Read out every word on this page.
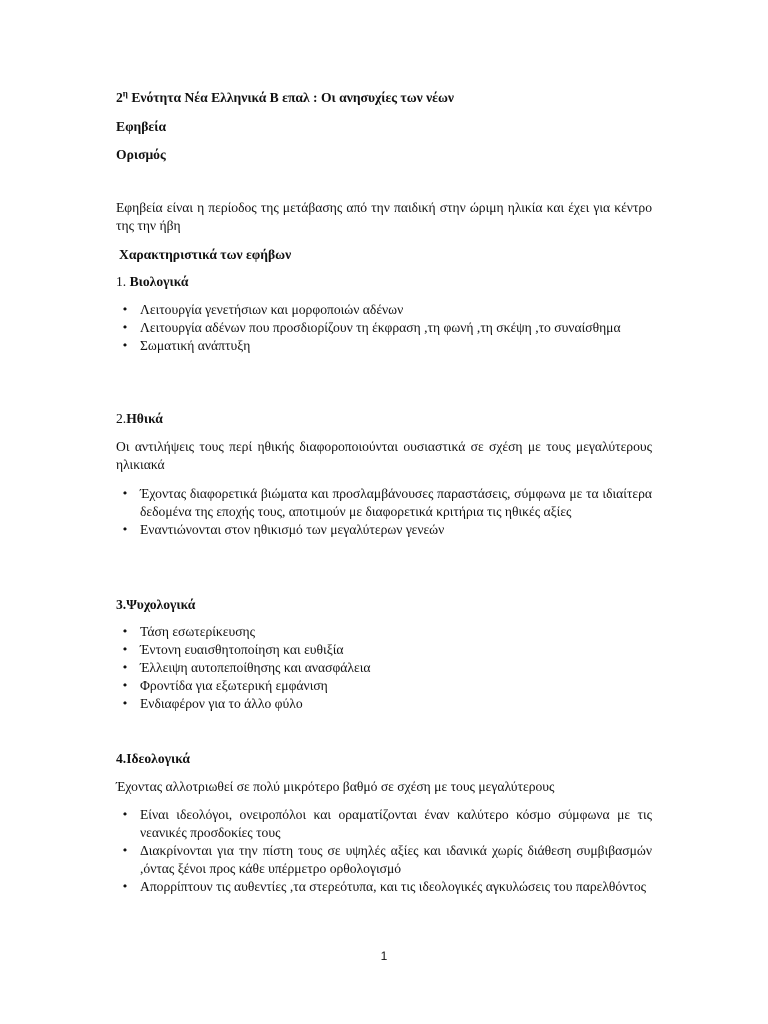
$2^\eta$ Ενότητα Νέα Ελληνικά Β επαλ : Οι ανησυχίες των νέων

Εφηβεία

Ορισμός

Εφηβεία είναι η περίοδος της μετάβασης από την παιδική στην ώριμη ηλικία και έχει για κέντρο της την ήβη

Χαρακτηριστικά των εφήβων

1. Βιολογικά

• Λειτουργία γενετήσιων και μορφοποιών αδένων
• Λειτουργία αδένων που προσδιορίζουν τη έκφραση ,τη φωνή ,τη σκέψη ,το συναίσθημα
• Σωματική ανάπτυξη

2.Ηθικά

Οι αντιλήψεις τους περί ηθικής διαφοροποιούνται ουσιαστικά σε σχέση με τους μεγαλύτερους ηλικιακά

• Έχοντας διαφορετικά βιώματα και προσλαμβάνουσες παραστάσεις, σύμφωνα με τα ιδιαίτερα δεδομένα της εποχής τους, αποτιμούν με διαφορετικά κριτήρια τις ηθικές αξίες
• Εναντιώνονται στον ηθικισμό των μεγαλύτερων γενεών

3.Ψυχολογικά

• Τάση εσωτερίκευσης
• Έντονη ευαισθητοποίηση και ευθιξία
• Έλλειψη αυτοπεποίθησης και ανασφάλεια
• Φροντίδα για εξωτερική εμφάνιση
• Ενδιαφέρον για το άλλο φύλο

4.Ιδεολογικά

Έχοντας αλλοτριωθεί σε πολύ μικρότερο βαθμό σε σχέση με τους μεγαλύτερους

• Είναι ιδεολόγοι, ονειροπόλοι και οραματίζονται έναν καλύτερο κόσμο σύμφωνα με τις νεανικές προσδοκίες τους
• Διακρίνονται για την πίστη τους σε υψηλές αξίες και ιδανικά χωρίς διάθεση συμβιβασμών ,όντας ξένοι προς κάθε υπέρμετρο ορθολογισμό
• Απορρίπτουν τις αυθεντίες ,τα στερεότυπα, και τις ιδεολογικές αγκυλώσεις του παρελθόντος
1
